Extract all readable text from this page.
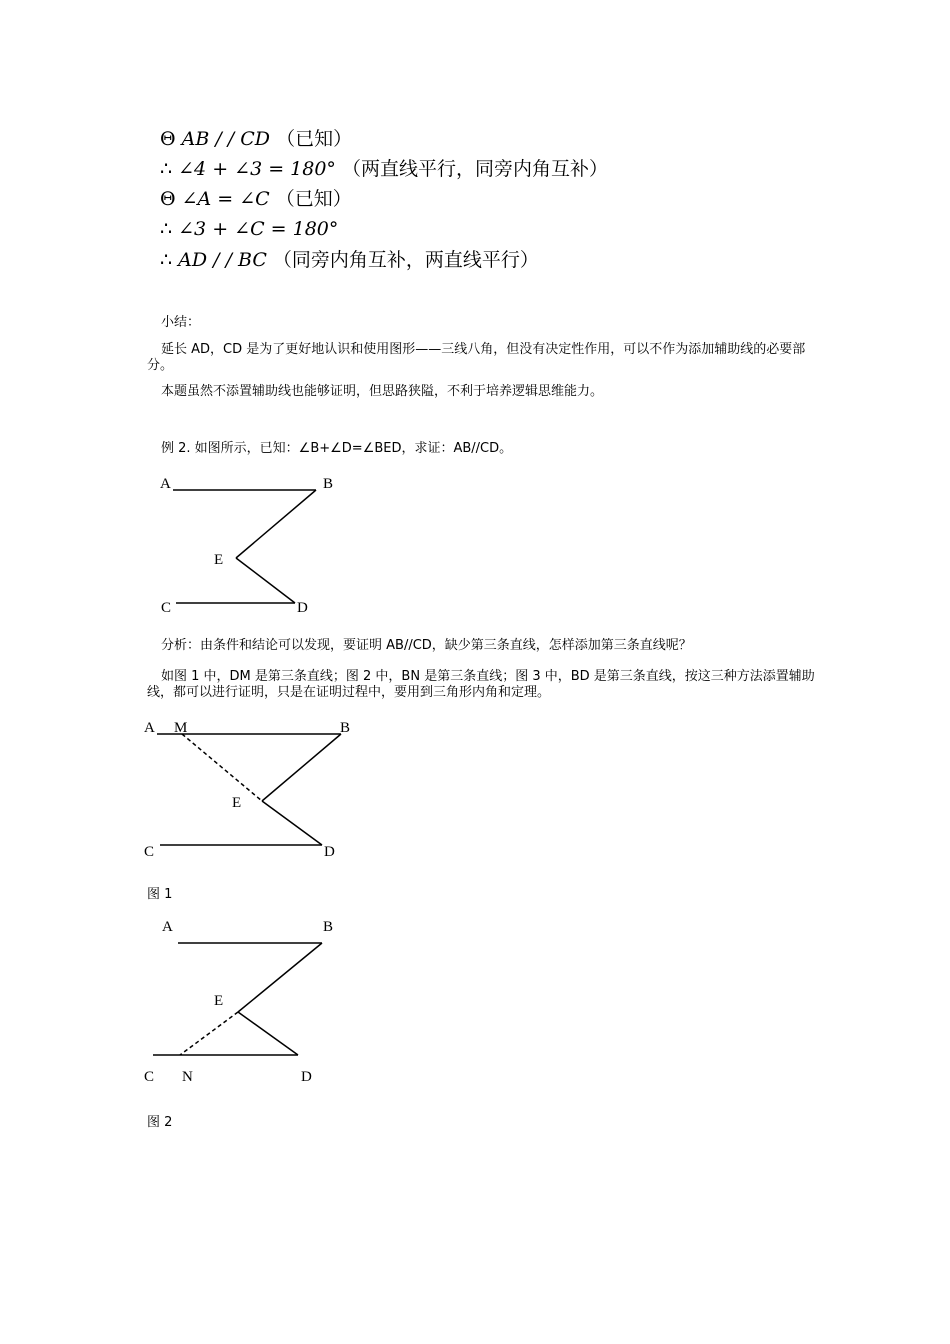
Θ AB / / CD （已知）
∴ ∠4 + ∠3 = 180° （两直线平行，同旁内角互补）
Θ ∠A = ∠C （已知）
∴ ∠3 + ∠C = 180°
∴ AD / / BC （同旁内角互补，两直线平行）
小结：
延长 AD，CD 是为了更好地认识和使用图形——三线八角，但没有决定性作用，可以不作为添加辅助线的必要部分。
本题虽然不添置辅助线也能够证明，但思路狭隘，不利于培养逻辑思维能力。
例 2. 如图所示，已知：∠B+∠D=∠BED，求证：AB//CD。
A	B
E
C	D
分析：由条件和结论可以发现，要证明 AB//CD，缺少第三条直线，怎样添加第三条直线呢？
如图 1 中，DM 是第三条直线；图 2 中，BN 是第三条直线；图 3 中，BD 是第三条直线，按这三种方法添置辅助线，都可以进行证明，只是在证明过程中，要用到三角形内角和定理。
A M	B
E
C	D
图 1
A	B
E
C N	D
图 2
